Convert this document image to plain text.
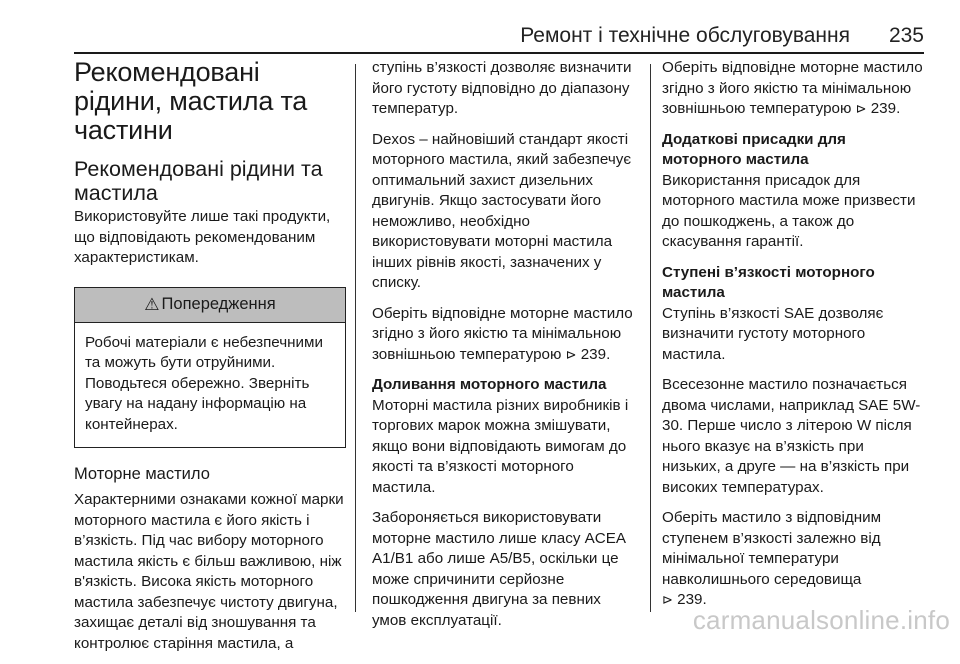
Ремонт і технічне обслуговування 235
Рекомендовані рідини, мастила та частини
Рекомендовані рідини та мастила

Використовуйте лише такі продукти, що відповідають рекомендованим характеристикам.

⚠ Попередження

Робочі матеріали є небезпечними та можуть бути отруйними. Поводьтеся обережно. Зверніть увагу на надану інформацію на контейнерах.

Моторне мастило

Характерними ознаками кожної марки моторного мастила є його якість і в’язкість. Під час вибору моторного мастила якість є більш важливою, ніж в'язкість. Висока якість моторного мастила забезпечує чистоту двигуна, захищає деталі від зношування та контролює старіння мастила, а

ступінь в’язкості дозволяє визначити його густоту відповідно до діапазону температур.

Dexos – найновіший стандарт якості моторного мастила, який забезпечує оптимальний захист дизельних двигунів. Якщо застосувати його неможливо, необхідно використовувати моторні мастила інших рівнів якості, зазначених у списку.

Оберіть відповідне моторне мастило згідно з його якістю та мінімальною зовнішньою температурою ⊳ 239.

Доливання моторного мастила

Моторні мастила різних виробників і торгових марок можна змішувати, якщо вони відповідають вимогам до якості та в’язкості моторного мастила.

Забороняється використовувати моторне мастило лише класу ACEA A1/B1 або лише A5/B5, оскільки це може спричинити серйозне пошкодження двигуна за певних умов експлуатації.

Оберіть відповідне моторне мастило згідно з його якістю та мінімальною зовнішньою температурою ⊳ 239.

Додаткові присадки для моторного мастила

Використання присадок для моторного мастила може призвести до пошкоджень, а також до скасування гарантії.

Ступені в’язкості моторного мастила

Ступінь в’язкості SAE дозволяє визначити густоту моторного мастила.

Всесезонне мастило позначається двома числами, наприклад SAE 5W-30. Перше число з літерою W після нього вказує на в’язкість при низьких, а друге — на в’язкість при високих температурах.

Оберіть мастило з відповідним ступенем в’язкості залежно від мінімальної температури навколишнього середовища
⊳ 239.

carmanualsonline.info
